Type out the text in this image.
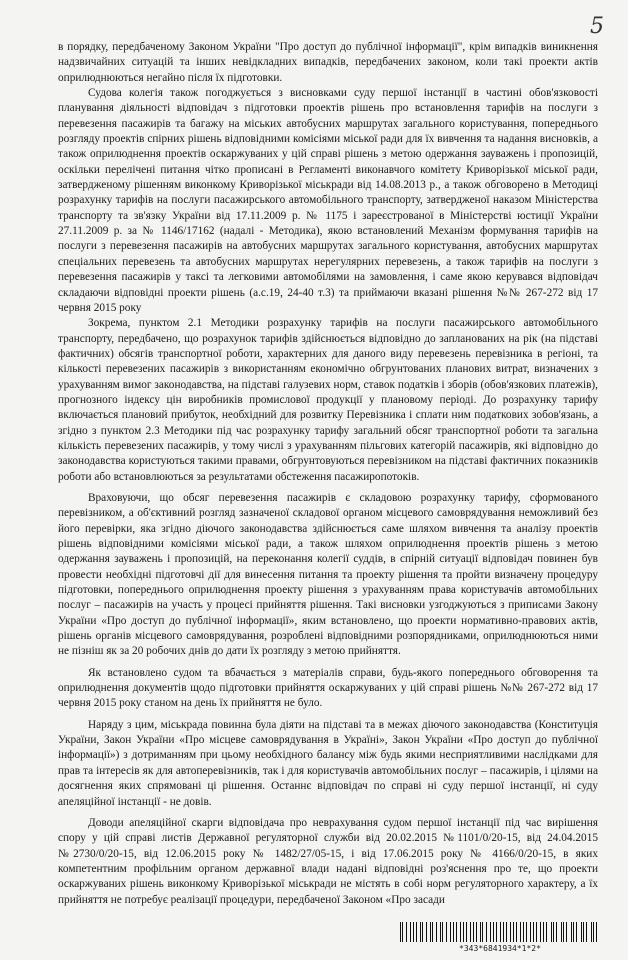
5

в порядку, передбаченому Законом України "Про доступ до публічної інформації", крім випадків виникнення надзвичайних ситуацій та інших невідкладних випадків, передбачених законом, коли такі проекти актів оприлюднюються негайно після їх підготовки.

Судова колегія також погоджується з висновками суду першої інстанції в частині обов'язковості планування діяльності відповідач з підготовки проектів рішень про встановлення тарифів на послуги з перевезення пасажирів та багажу на міських автобусних маршрутах загального користування, попереднього розгляду проектів спірних рішень відповідними комісіями міської ради для їх вивчення та надання висновків, а також оприлюднення проектів оскаржуваних у цій справі рішень з метою одержання зауважень і пропозицій, оскільки перелічені питання чітко прописані в Регламенті виконавчого комітету Криворізької міської ради, затвердженому рішенням виконкому Криворізької міськради від 14.08.2013 р., а також обговорено в Методиці розрахунку тарифів на послуги пасажирського автомобільного транспорту, затвердженої наказом Міністерства транспорту та зв'язку України від 17.11.2009 р. № 1175 і зареєстрованої в Міністерстві юстиції України 27.11.2009 р. за № 1146/17162 (надалі - Методика), якою встановлений Механізм формування тарифів на послуги з перевезення пасажирів на автобусних маршрутах загального користування, автобусних маршрутах спеціальних перевезень та автобусних маршрутах нерегулярних перевезень, а також тарифів на послуги з перевезення пасажирів у таксі та легковими автомобілями на замовлення, і саме якою керувався відповідач складаючи відповідні проекти рішень (а.с.19, 24-40 т.3) та приймаючи вказані рішення №№ 267-272 від 17 червня 2015 року

Зокрема, пунктом 2.1 Методики розрахунку тарифів на послуги пасажирського автомобільного транспорту, передбачено, що розрахунок тарифів здійснюється відповідно до запланованих на рік (на підставі фактичних) обсягів транспортної роботи, характерних для даного виду перевезень перевізника в регіоні, та кількості перевезених пасажирів з використанням економічно обгрунтованих планових витрат, визначених з урахуванням вимог законодавства, на підставі галузевих норм, ставок податків і зборів (обов'язкових платежів), прогнозного індексу цін виробників промислової продукції у плановому періоді. До розрахунку тарифу включається плановий прибуток, необхідний для розвитку Перевізника і сплати ним податкових зобов'язань, а згідно з пунктом 2.3 Методики під час розрахунку тарифу загальний обсяг транспортної роботи та загальна кількість перевезених пасажирів, у тому числі з урахуванням пільгових категорій пасажирів, які відповідно до законодавства користуються такими правами, обгрунтовуються перевізником на підставі фактичних показників роботи або встановлюються за результатами обстеження пасажиропотоків.

Враховуючи, що обсяг перевезення пасажирів є складовою розрахунку тарифу, сформованого перевізником, а об'єктивний розгляд зазначеної складової органом місцевого самоврядування неможливий без його перевірки, яка згідно діючого законодавства здійснюється саме шляхом вивчення та аналізу проектів рішень відповідними комісіями міської ради, а також шляхом оприлюднення проектів рішень з метою одержання зауважень і пропозицій, на переконання колегії суддів, в спірній ситуації відповідач повинен був провести необхідні підготовчі дії для винесення питання та проекту рішення та пройти визначену процедуру підготовки, попереднього оприлюднення проекту рішення з урахуванням права користувачів автомобільних послуг – пасажирів на участь у процесі прийняття рішення. Такі висновки узгоджуються з приписами Закону України «Про доступ до публічної інформації», яким встановлено, що проекти нормативно-правових актів, рішень органів місцевого самоврядування, розроблені відповідними розпорядниками, оприлюднюються ними не пізніш як за 20 робочих днів до дати їх розгляду з метою прийняття.

Як встановлено судом та вбачається з матеріалів справи, будь-якого попереднього обговорення та оприлюднення документів щодо підготовки прийняття оскаржуваних у цій справі рішень №№ 267-272 від 17 червня 2015 року станом на день їх прийняття не було.

Наряду з цим, міськрада повинна була діяти на підставі та в межах діючого законодавства (Конституція України, Закон України «Про місцеве самоврядування в Україні», Закон України «Про доступ до публічної інформації») з дотриманням при цьому необхідного балансу між будь якими несприятливими наслідками для прав та інтересів як для автоперевізників, так і для користувачів автомобільних послуг – пасажирів, і цілями на досягнення яких спрямовані ці рішення. Останнє відповідач по справі ні суду першої інстанції, ні суду апеляційної інстанції - не довів.

Доводи апеляційної скарги відповідача про неврахування судом першої інстанції під час вирішення спору у цій справі листів Державної регуляторної служби від 20.02.2015 №1101/0/20-15, від 24.04.2015 №2730/0/20-15, від 12.06.2015 року № 1482/27/05-15, і від 17.06.2015 року № 4166/0/20-15, в яких компетентним профільним органом державної влади надані відповідні роз'яснення про те, що проекти оскаржуваних рішень виконкому Криворізької міськради не містять в собі норм регуляторного характеру, а їх прийняття не потребує реалізації процедури, передбаченої Законом «Про засади

*343*6841934*1*2*
